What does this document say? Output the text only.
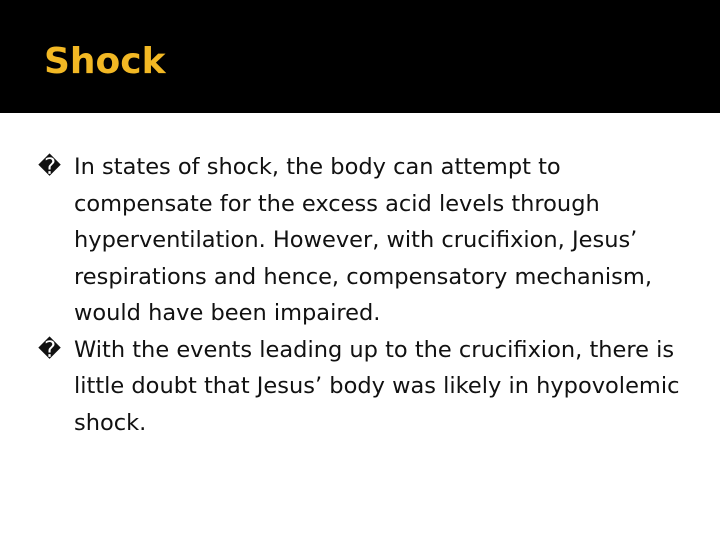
Shock
� In states of shock, the body can attempt to compensate for the excess acid levels through hyperventilation. However, with crucifixion, Jesus’ respirations and hence, compensatory mechanism, would have been impaired.
� With the events leading up to the crucifixion, there is little doubt that Jesus’ body was likely in hypovolemic shock.
